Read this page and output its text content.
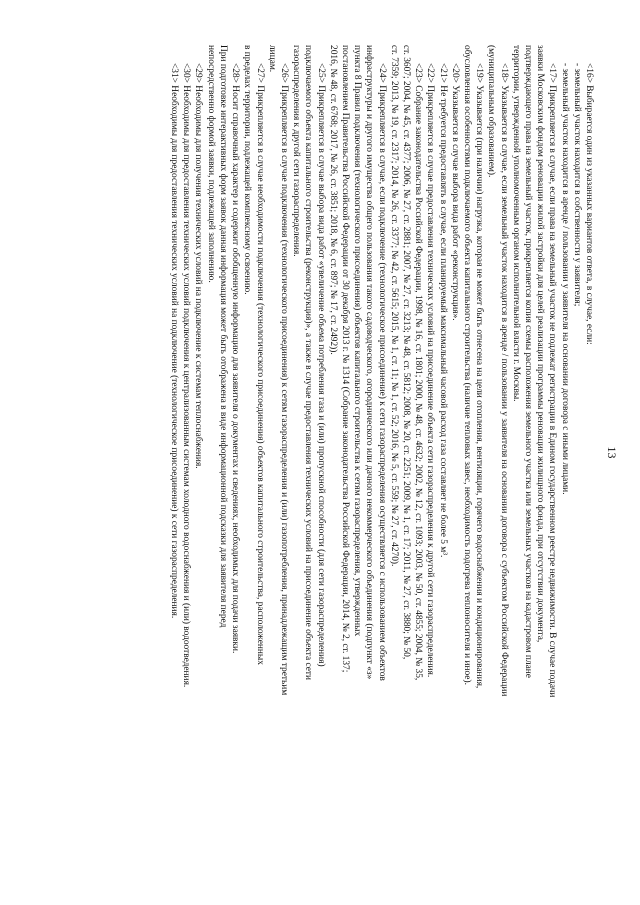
13
<16> Выбирается один из указанных вариантов ответа, в случае, если:
- земельный участок находится в собственности у заявителя;
- земельный участок находится в аренде / пользовании у заявителя на основании договора с иными лицами.
<17> Прикрепляется в случае, если права на земельный участок не подлежат регистрации в Едином государственном реестре недвижимости. В случае подачи
заявки Московским фондом реновации жилой застройки для целей реализации программы реновации жилищного фонда, при отсутствии документа,
подтверждающего права на земельный участок, прикрепляется копия схемы расположения земельного участка или земельных участков на кадастровом плане
территории, утвержденной уполномоченным органом исполнительной власти г. Москвы.
<18> Указывается в случае, если земельный участок находится в аренде / пользовании у заявителя на основании договора с субъектом Российской Федерации
(муниципальным образованием).
<19> Указывается (при наличии) нагрузка, которая не может быть отнесена на цели отопления, вентиляции, горячего водоснабжения и кондиционирования,
обусловленная особенностями подключаемого объекта капитального строительства (наличие тепловых завес, необходимость подогрева теплоносителя и иное).
<20> Указывается в случае выбора вида работ «реконструкция».
<21> Не требуется предоставлять в случае, если планируемый максимальный часовой расход газа составляет не более 5 м³.
<22> Прикрепляется в случае предоставления технических условий на присоединение объекта сети газораспределения к другой сети газораспределения.
<23> Собрание законодательства Российской Федерации, 1998, № 16, ст. 1801; 2000, № 48, ст. 4632; 2002, № 12, ст. 1093; 2003, № 50, ст. 4855; 2004, № 35,
ст. 3607; 2004, № 45, ст. 4377; 2006, № 27, ст. 2881; 2007, № 27, ст. 3213; № 48, ст. 5812; 2008, № 20, ст. 2251; 2009, № 1, ст. 17; 2011, № 27, ст. 3880; № 50,
ст. 7359; 2013, № 19, ст. 2317; 2014, № 26, ст. 3377; № 42, ст. 5615; 2015, № 1, ст. 11; № 1, ст. 52; 2016, № 5, ст. 559; № 27, ст. 4270).
<24> Прикрепляется в случае, если подключение (технологическое присоединение) к сети газораспределения осуществляется с использованием объектов
инфраструктуры и другого имущества общего пользования такого садоводческого, огороднического или дачного некоммерческого объединения (подпункт «з»
пункта 8 Правил подключения (технологического присоединения) объектов капитального строительства к сетям газораспределения, утвержденных
постановлением Правительства Российской Федерации от 30 декабря 2013 г. № 1314 (Собрание законодательства Российской Федерации, 2014, № 2, ст. 137;
2016, № 48, ст. 6768; 2017, № 26, ст. 3851; 2018, № 6, ст. 897; № 17, ст. 2492)).
<25> Прикрепляется в случае выбора вида работ «увеличение объема потребления газа и (или) пропускной способности (для сети газораспределения)
подключаемого объекта капитального строительства (реконструкция)», а также в случае предоставления технических условий на присоединение объекта сети
газораспределения к другой сети газораспределения.
<26> Прикрепляется в случае подключения (технологического присоединения) к сетям газораспределения и (или) газопотребления, принадлежащим третьим
лицам.
<27> Прикрепляется в случае необходимости подключения (технологического присоединения) объектов капитального строительства, расположенных
в пределах территории, подлежащей комплексному освоению.
<28> Носит справочный характер и содержит обобщенную информацию для заявителя о документах и сведениях, необходимых для подачи заявки.
При подготовке интерактивных форм заявок данная информация может быть отображена в виде информационной подсказки для заявителя перед
непосредственно формой заявки, подлежащей заполнению.
<29> Необходимы для получения технических условий на подключение к системам теплоснабжения.
<30> Необходимы для предоставления технических условий подключения к централизованным системам холодного водоснабжения и (или) водоотведения.
<31> Необходимы для предоставления технических условий на подключение (технологическое присоединение) к сети газораспределения.
